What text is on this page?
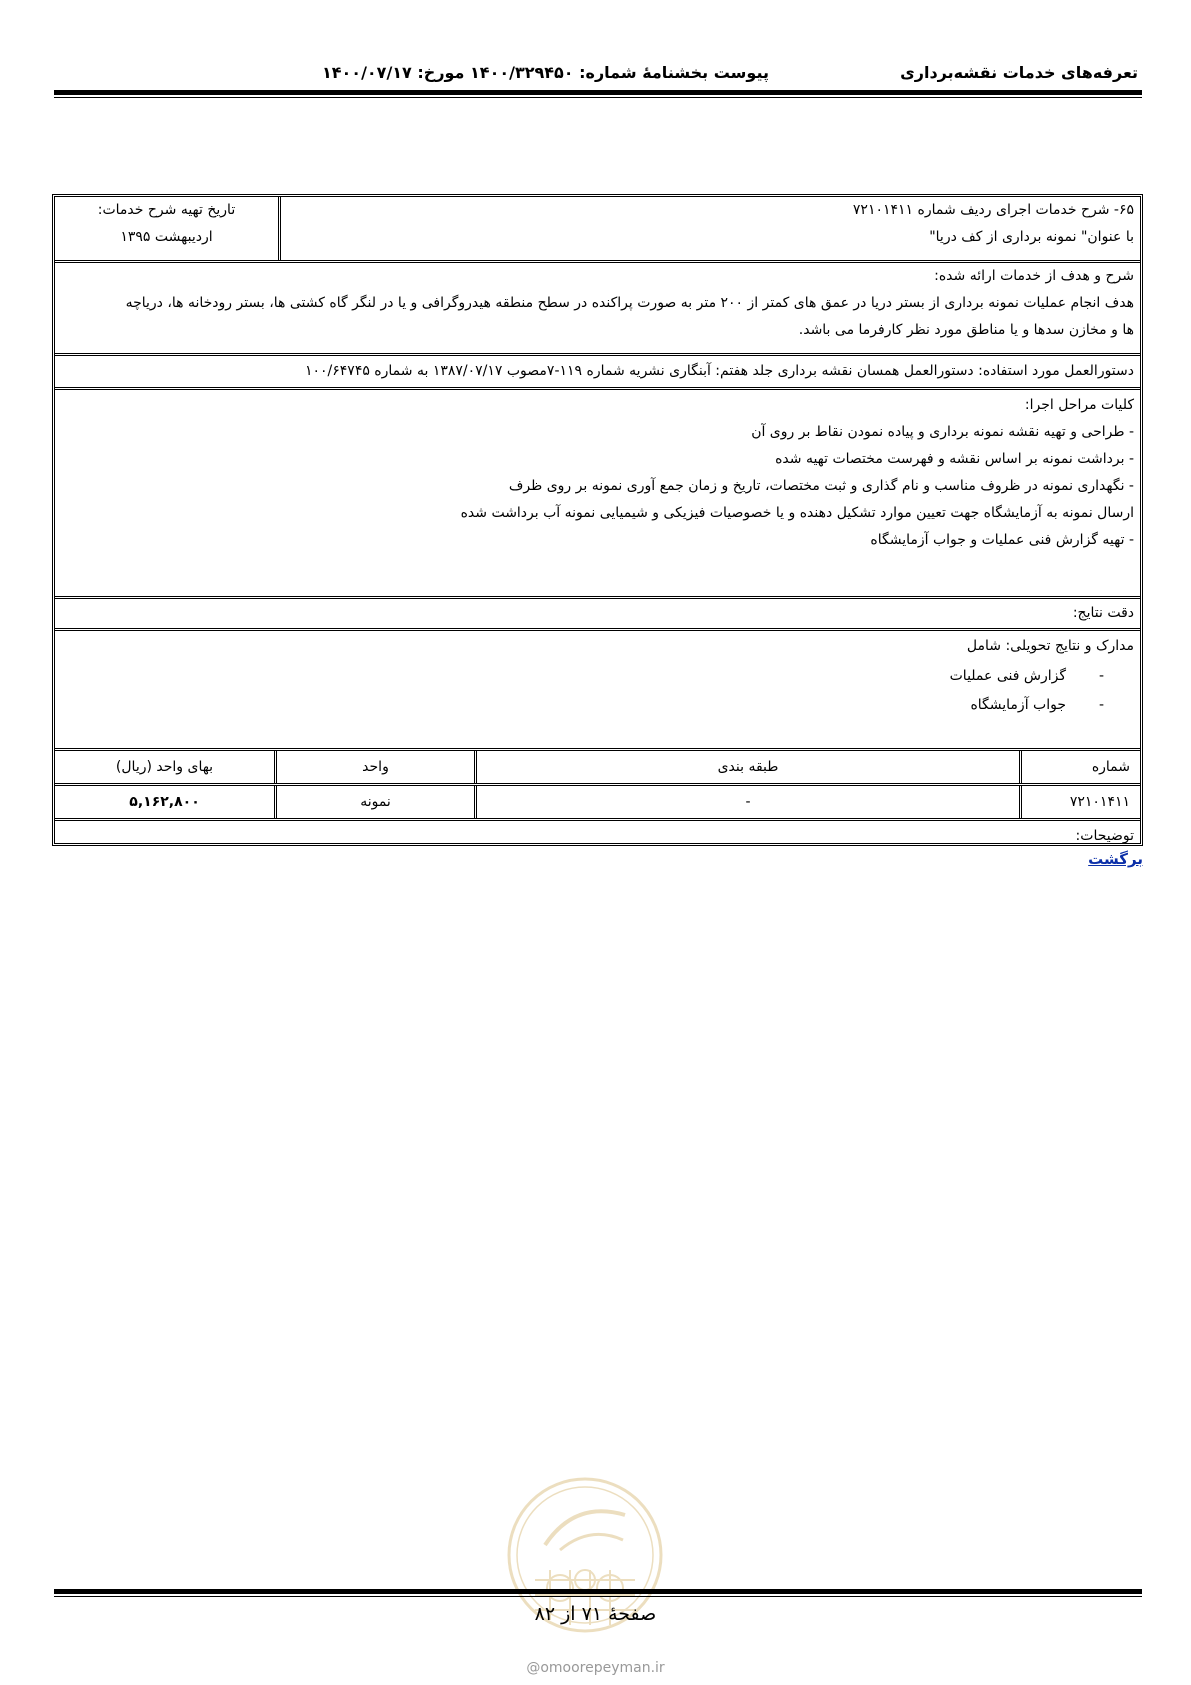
تعرفه‌های خدمات نقشه‌برداری
پیوست بخشنامهٔ شماره: ۱۴۰۰/۳۲۹۴۵۰ مورخ: ۱۴۰۰/۰۷/۱۷
۶۵- شرح خدمات اجرای ردیف شماره ۷۲۱۰۱۴۱۱
با عنوان" نمونه برداری از کف دریا"
تاریخ تهیه شرح خدمات:
اردیبهشت ۱۳۹۵
شرح و هدف از خدمات ارائه شده:
هدف انجام عملیات نمونه برداری از بستر دریا در عمق های کمتر از ۲۰۰ متر به صورت پراکنده در سطح منطقه هیدروگرافی و یا در لنگر گاه کشتی ها، بستر رودخانه ها، دریاچه
ها و مخازن سدها و یا مناطق مورد نظر کارفرما می باشد.
دستورالعمل مورد استفاده: دستورالعمل همسان نقشه برداری جلد هفتم: آبنگاری نشریه شماره ۱۱۹-۷مصوب ۱۳۸۷/۰۷/۱۷ به شماره ۱۰۰/۶۴۷۴۵
کلیات مراحل اجرا:
- طراحی و تهیه نقشه نمونه برداری و پیاده نمودن نقاط بر روی آن
- برداشت نمونه بر اساس نقشه و فهرست مختصات تهیه شده
- نگهداری نمونه در ظروف مناسب و نام گذاری و ثبت مختصات، تاریخ و زمان جمع آوری نمونه بر روی ظرف
ارسال نمونه به آزمایشگاه جهت تعیین موارد تشکیل دهنده و یا خصوصیات فیزیکی و شیمیایی نمونه آب برداشت شده
- تهیه گزارش فنی عملیات و جواب آزمایشگاه
دقت نتایج:
مدارک و نتایج تحویلی: شامل
-
گزارش فنی عملیات
-
جواب آزمایشگاه
شماره
طبقه بندی
واحد
بهای واحد (ریال)
۷۲۱۰۱۴۱۱
-
نمونه
۵,۱۶۲,۸۰۰
توضیحات:
برگشت
صفحهٔ ۷۱ از ۸۲
@omoorepeyman.ir
